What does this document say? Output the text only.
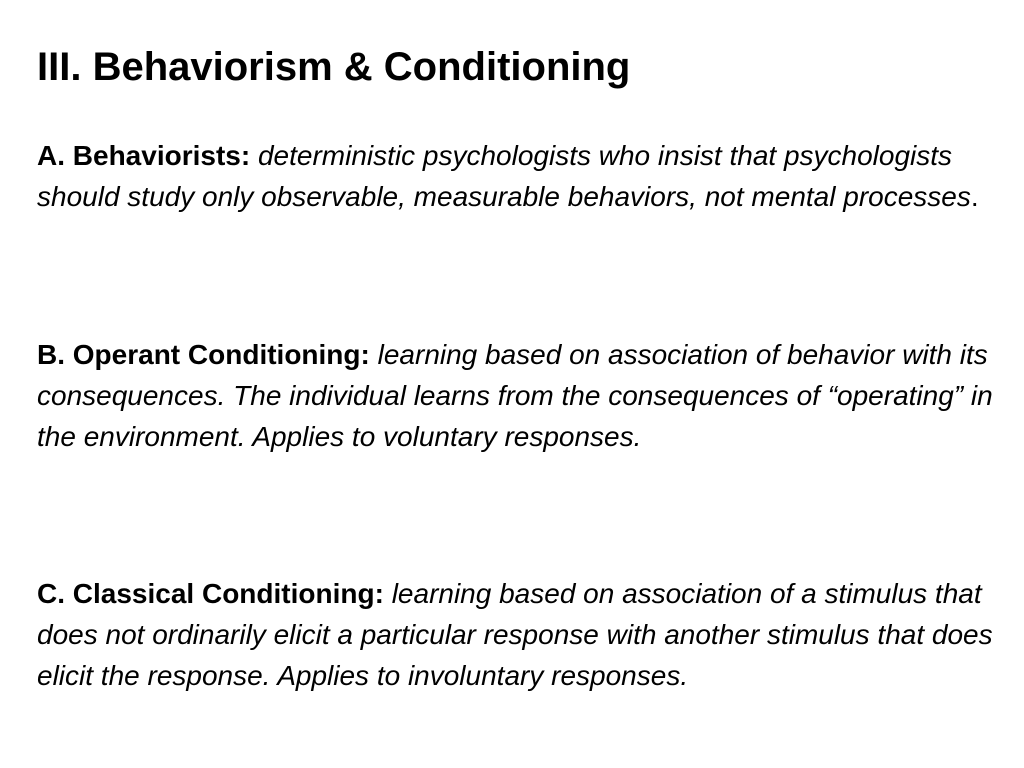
III. Behaviorism & Conditioning

A. Behaviorists: deterministic psychologists who insist that psychologists should study only observable, measurable behaviors, not mental processes.

B. Operant Conditioning: learning based on association of behavior with its consequences. The individual learns from the consequences of “operating” in the environment. Applies to voluntary responses.

C. Classical Conditioning: learning based on association of a stimulus that does not ordinarily elicit a particular response with another stimulus that does elicit the response. Applies to involuntary responses.
